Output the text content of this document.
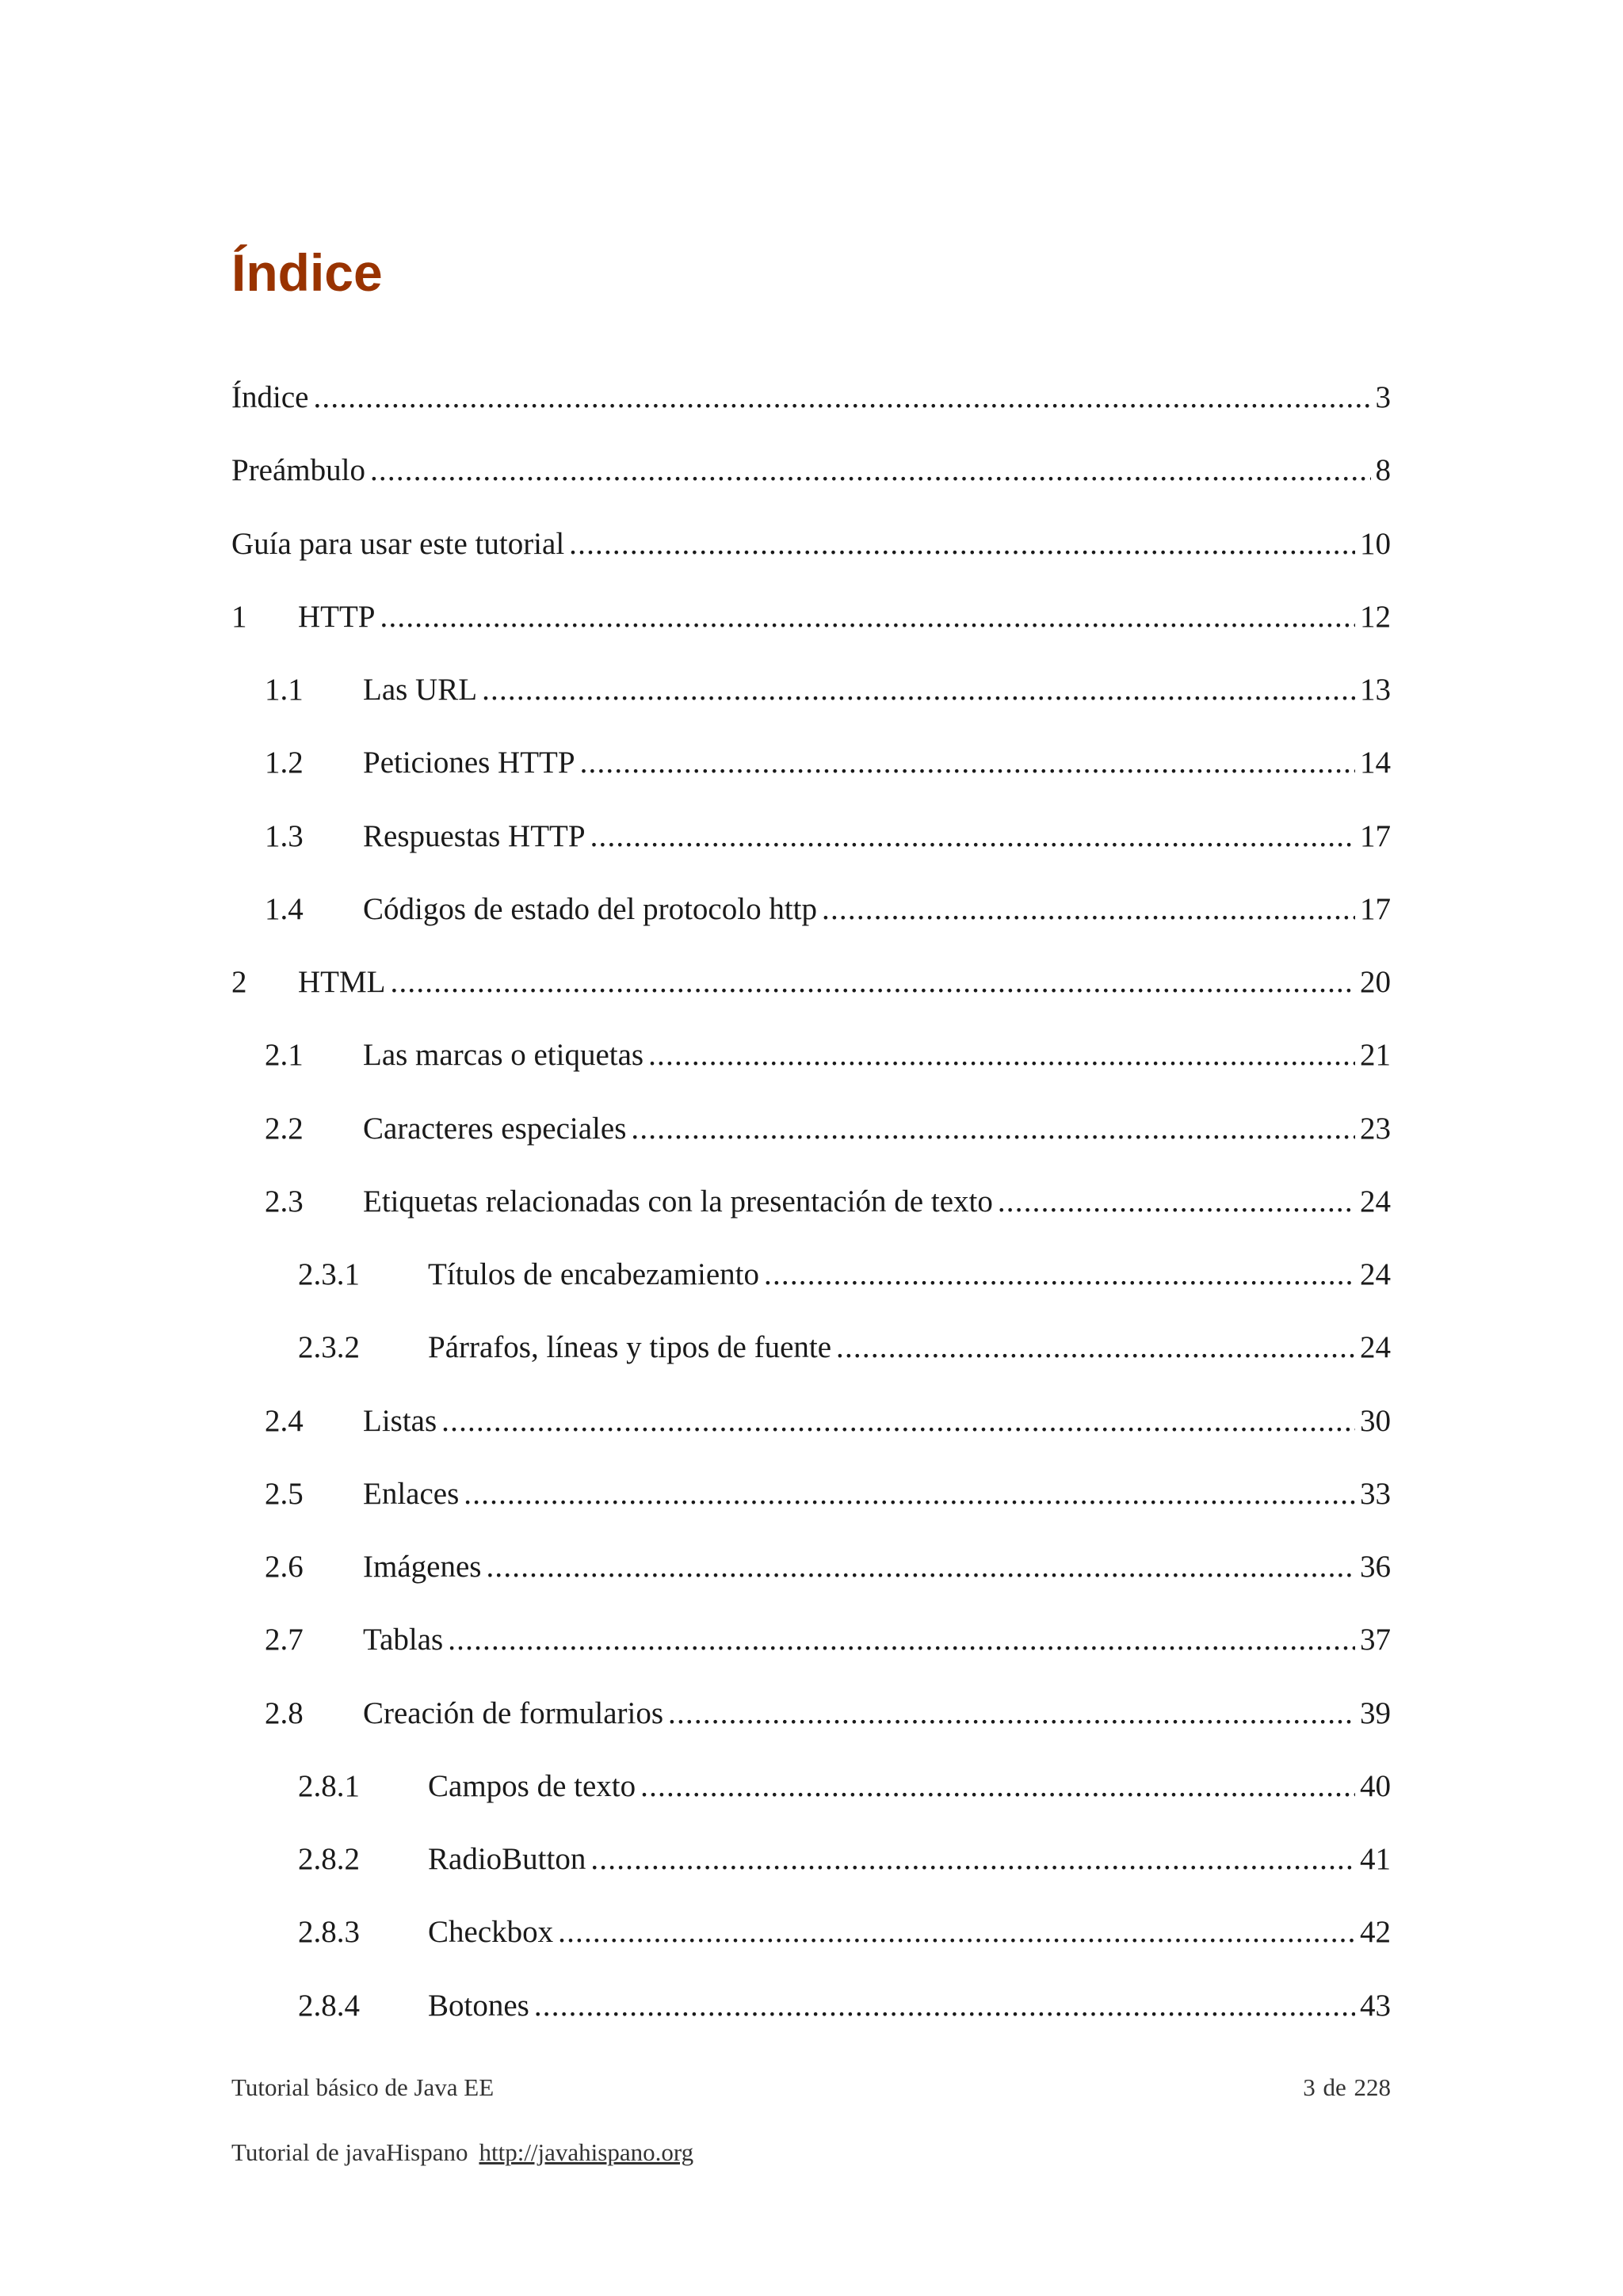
Índice
Índice .....	3
Preámbulo .....	8
Guía para usar este tutorial .....	10
1	HTTP .....	12
1.1	Las URL .....	13
1.2	Peticiones HTTP .....	14
1.3	Respuestas HTTP .....	17
1.4	Códigos de estado del protocolo http .....	17
2	HTML .....	20
2.1	Las marcas o etiquetas .....	21
2.2	Caracteres especiales .....	23
2.3	Etiquetas relacionadas con la presentación de texto .....	24
2.3.1	Títulos de encabezamiento .....	24
2.3.2	Párrafos, líneas y tipos de fuente .....	24
2.4	Listas .....	30
2.5	Enlaces .....	33
2.6	Imágenes .....	36
2.7	Tablas .....	37
2.8	Creación de formularios .....	39
2.8.1	Campos de texto .....	40
2.8.2	RadioButton .....	41
2.8.3	Checkbox .....	42
2.8.4	Botones .....	43
Tutorial básico de Java EE	3 de 228
Tutorial de javaHispano http://javahispano.org
